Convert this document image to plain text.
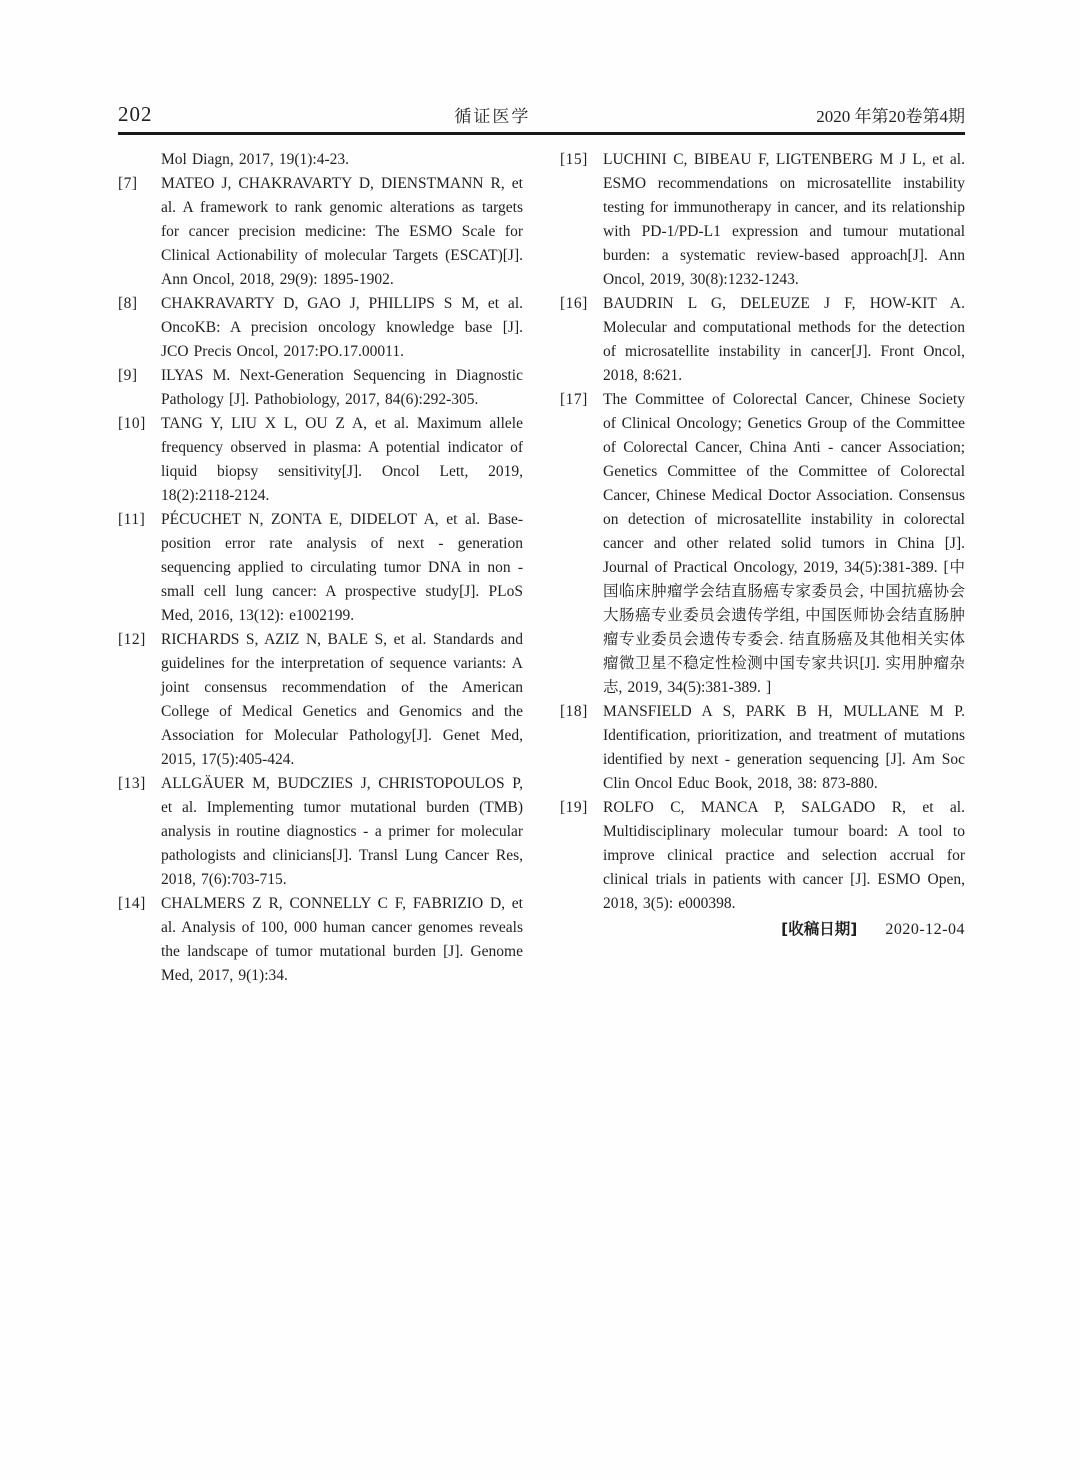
202	循证医学	2020 年第20卷第4期
Mol Diagn, 2017, 19(1):4-23.
[7]	MATEO J, CHAKRAVARTY D, DIENSTMANN R, et al. A framework to rank genomic alterations as targets for cancer precision medicine: The ESMO Scale for Clinical Actionability of molecular Targets (ESCAT)[J]. Ann Oncol, 2018, 29(9): 1895-1902.
[8]	CHAKRAVARTY D, GAO J, PHILLIPS S M, et al. OncoKB: A precision oncology knowledge base [J]. JCO Precis Oncol, 2017:PO.17.00011.
[9]	ILYAS M. Next-Generation Sequencing in Diagnostic Pathology [J]. Pathobiology, 2017, 84(6):292-305.
[10] TANG Y, LIU X L, OU Z A, et al. Maximum allele frequency observed in plasma: A potential indicator of liquid biopsy sensitivity[J]. Oncol Lett, 2019, 18(2):2118-2124.
[11]	PÉCUCHET N, ZONTA E, DIDELOT A, et al. Base-position error rate analysis of next - generation sequencing applied to circulating tumor DNA in non - small cell lung cancer: A prospective study[J]. PLoS Med, 2016, 13(12): e1002199.
[12] RICHARDS S, AZIZ N, BALE S, et al. Standards and guidelines for the interpretation of sequence variants: A joint consensus recommendation of the American College of Medical Genetics and Genomics and the Association for Molecular Pathology[J]. Genet Med, 2015, 17(5):405-424.
[13] ALLGÄUER M, BUDCZIES J, CHRISTOPOULOS P, et al. Implementing tumor mutational burden (TMB) analysis in routine diagnostics - a primer for molecular pathologists and clinicians[J]. Transl Lung Cancer Res, 2018, 7(6):703-715.
[14] CHALMERS Z R, CONNELLY C F, FABRIZIO D, et al. Analysis of 100, 000 human cancer genomes reveals the landscape of tumor mutational burden [J]. Genome Med, 2017, 9(1):34.
[15] LUCHINI C, BIBEAU F, LIGTENBERG M J L, et al. ESMO recommendations on microsatellite instability testing for immunotherapy in cancer, and its relationship with PD-1/PD-L1 expression and tumour mutational burden: a systematic review-based approach[J]. Ann Oncol, 2019, 30(8):1232-1243.
[16] BAUDRIN L G, DELEUZE J F, HOW-KIT A. Molecular and computational methods for the detection of microsatellite instability in cancer[J]. Front Oncol, 2018, 8:621.
[17] The Committee of Colorectal Cancer, Chinese Society of Clinical Oncology; Genetics Group of the Committee of Colorectal Cancer, China Anti - cancer Association; Genetics Committee of the Committee of Colorectal Cancer, Chinese Medical Doctor Association. Consensus on detection of microsatellite instability in colorectal cancer and other related solid tumors in China [J]. Journal of Practical Oncology, 2019, 34(5):381-389. [中国临床肿瘤学会结直肠癌专家委员会, 中国抗癌协会大肠癌专业委员会遗传学组, 中国医师协会结直肠肿瘤专业委员会遗传专委会. 结直肠癌及其他相关实体瘤微卫星不稳定性检测中国专家共识[J]. 实用肿瘤杂志, 2019, 34(5):381-389. ]
[18] MANSFIELD A S, PARK B H, MULLANE M P. Identification, prioritization, and treatment of mutations identified by next - generation sequencing [J]. Am Soc Clin Oncol Educ Book, 2018, 38: 873-880.
[19] ROLFO C, MANCA P, SALGADO R, et al. Multidisciplinary molecular tumour board: A tool to improve clinical practice and selection accrual for clinical trials in patients with cancer [J]. ESMO Open, 2018, 3(5): e000398.
[收稿日期] 2020-12-04
